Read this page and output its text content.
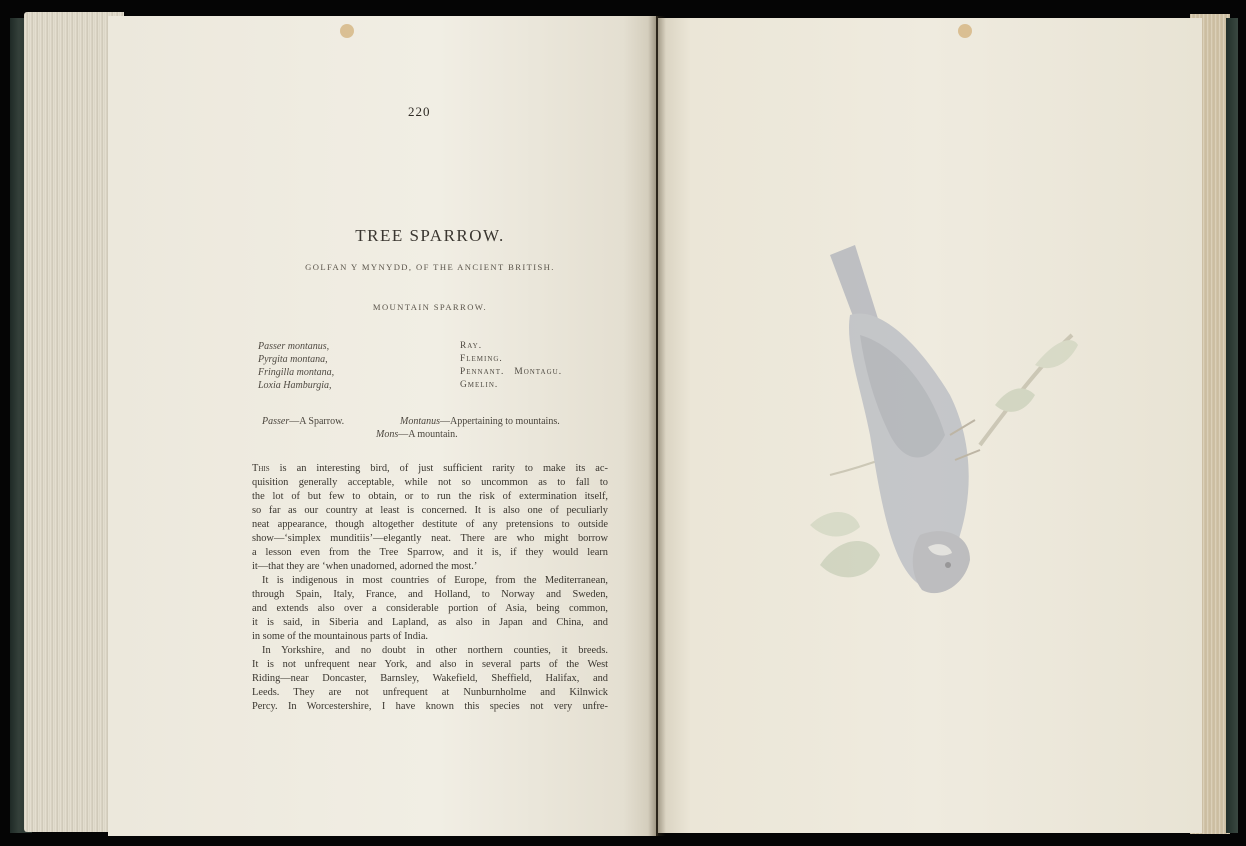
220
TREE SPARROW.
GOLFAN Y MYNYDD, OF THE ANCIENT BRITISH.
MOUNTAIN SPARROW.
Passer montanus,	Ray.
Pyrgita montana,	Fleming.
Fringilla montana,	Pennant.   Montagu.
Loxia Hamburgia,	Gmelin.
Passer—A Sparrow.	Montanus—Appertaining to mountains.
Mons—A mountain.
This is an interesting bird, of just sufficient rarity to make its ac-
quisition generally acceptable, while not so uncommon as to fall to
the lot of but few to obtain, or to run the risk of extermination itself,
so far as our country at least is concerned. It is also one of peculiarly
neat appearance, though altogether destitute of any pretensions to outside
show—‘simplex munditiis’—elegantly neat. There are who might borrow
a lesson even from the Tree Sparrow, and it is, if they would learn
it—that they are ‘when unadorned, adorned the most.’
It is indigenous in most countries of Europe, from the Mediterranean,
through Spain, Italy, France, and Holland, to Norway and Sweden,
and extends also over a considerable portion of Asia, being common,
it is said, in Siberia and Lapland, as also in Japan and China, and
in some of the mountainous parts of India.
In Yorkshire, and no doubt in other northern counties, it breeds.
It is not unfrequent near York, and also in several parts of the West
Riding—near Doncaster, Barnsley, Wakefield, Sheffield, Halifax, and
Leeds. They are not unfrequent at Nunburnholme and Kilnwick
Percy. In Worcestershire, I have known this species not very unfre-
